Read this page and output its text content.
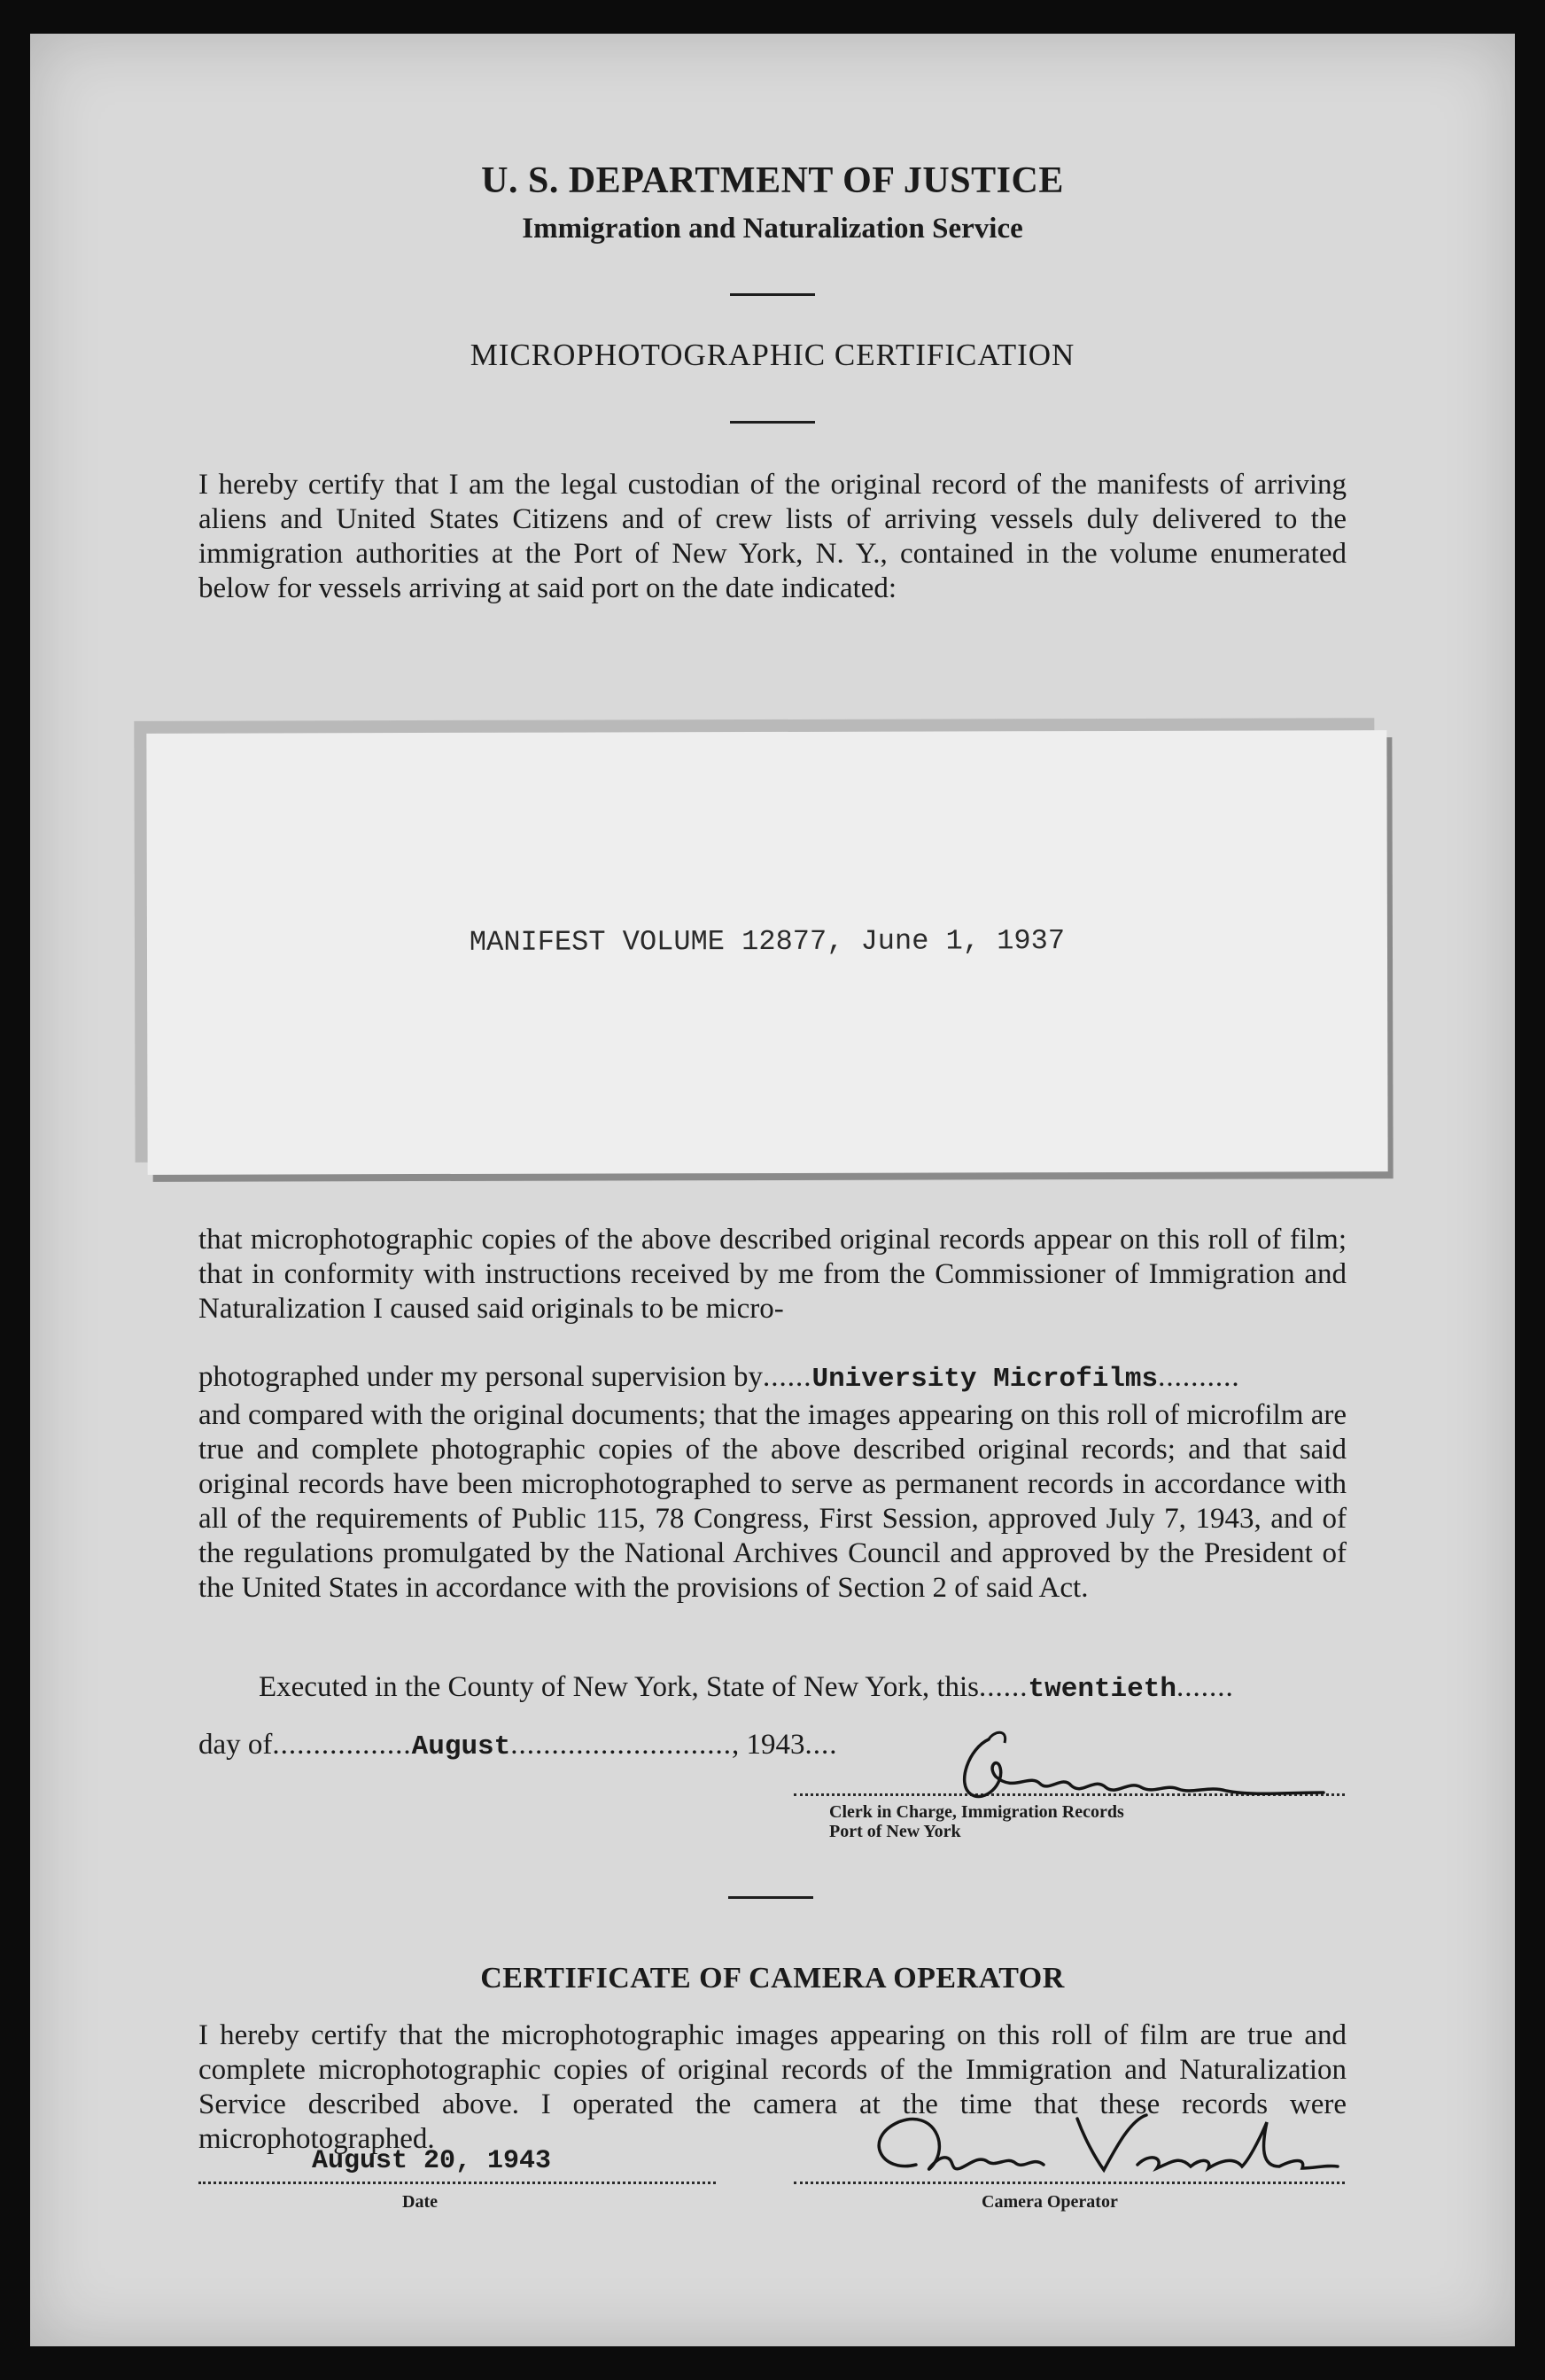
U. S. DEPARTMENT OF JUSTICE
Immigration and Naturalization Service
MICROPHOTOGRAPHIC CERTIFICATION
I hereby certify that I am the legal custodian of the original record of the manifests of arriving aliens and United States Citizens and of crew lists of arriving vessels duly delivered to the immigration authorities at the Port of New York, N. Y., contained in the volume enumerated below for vessels arriving at said port on the date indicated:
MANIFEST VOLUME 12877, June 1, 1937
that microphotographic copies of the above described original records appear on this roll of film; that in conformity with instructions received by me from the Commissioner of Immigration and Naturalization I caused said originals to be micro-
photographed under my personal supervision by......University Microfilms..........
and compared with the original documents; that the images appearing on this roll of microfilm are true and complete photographic copies of the above described original records; and that said original records have been microphotographed to serve as permanent records in accordance with all of the requirements of Public 115, 78 Congress, First Session, approved July 7, 1943, and of the regulations promulgated by the National Archives Council and approved by the President of the United States in accordance with the provisions of Section 2 of said Act.
Executed in the County of New York, State of New York, this......twentieth.......
day of.................August..........................., 1943....
Clerk in Charge, Immigration Records
Port of New York
CERTIFICATE OF CAMERA OPERATOR
I hereby certify that the microphotographic images appearing on this roll of film are true and complete microphotographic copies of original records of the Immigration and Naturalization Service described above. I operated the camera at the time that these records were microphotographed.
August 20, 1943
Date	Camera Operator
